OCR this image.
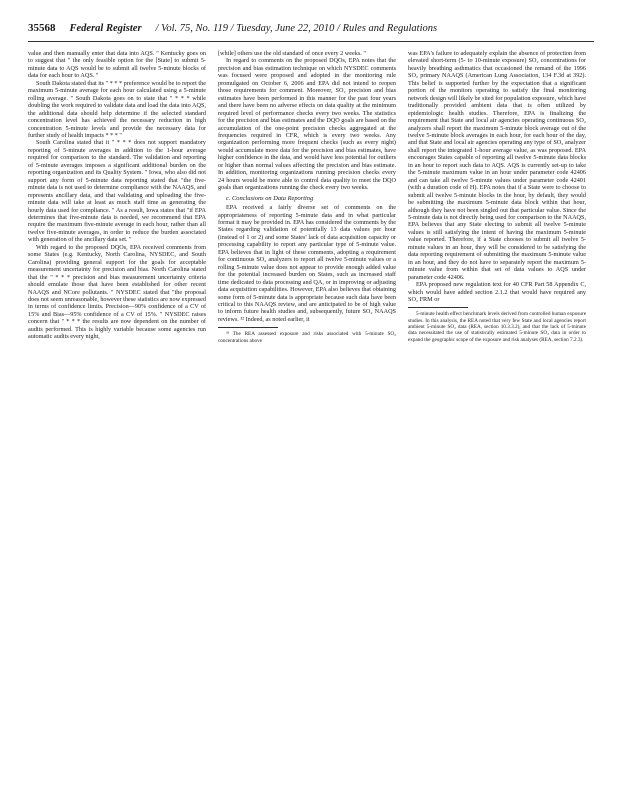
35568 Federal Register / Vol. 75, No. 119 / Tuesday, June 22, 2010 / Rules and Regulations

value and then manually enter that data into AQS. " Kentucky goes on to suggest that " the only feasible option for the [State] to submit 5-minute data to AQS would be to submit all twelve 5-minute blocks of data for each hour to AQS. "

South Dakota stated that its " * * * preference would be to report the maximum 5-minute average for each hour calculated using a 5-minute rolling average. " South Dakota goes on to state that " * * * while doubling the work required to validate data and load the data into AQS, the additional data should help determine if the selected standard concentration level has achieved the necessary reduction in high concentration 5-minute levels and provide the necessary data for further study of health impacts * * * "

South Carolina stated that it " * * * does not support mandatory reporting of 5-minute averages in addition to the 1-hour average required for comparison to the standard. The validation and reporting of 5-minute averages imposes a significant additional burden on the reporting organization and its Quality System. " Iowa, who also did not support any form of 5-minute data reporting stated that "the five-minute data is not used to determine compliance with the NAAQS, and represents ancillary data, and that validating and uploading the five-minute data will take at least as much staff time as generating the hourly data used for compliance. " As a result, Iowa states that "if EPA determines that five-minute data is needed, we recommend that EPA require the maximum five-minute average in each hour, rather than all twelve five-minute averages, in order to reduce the burden associated with generation of the ancillary data set. "

With regard to the proposed DQOs, EPA received comments from some States (e.g. Kentucky, North Carolina, NYSDEC, and South Carolina) providing general support for the goals for acceptable measurement uncertainty for precision and bias. North Carolina stated that the " * * * precision and bias measurement uncertainty criteria should emulate those that have been established for other recent NAAQS and NCore pollutants. " NYSDEC stated that "the proposal does not seem unreasonable, however these statistics are now expressed in terms of confidence limits. Precision—90% confidence of a CV of 15% and Bias—95% confidence of a CV of 15%. " NYSDEC raises concern that " * * * the results are now dependent on the number of audits performed. This is highly variable because some agencies run automatic audits every night,

[while] others use the old standard of once every 2 weeks. "

In regard to comments on the proposed DQOs, EPA notes that the precision and bias estimation technique on which NYSDEC comments was focused were proposed and adopted in the monitoring rule promulgated on October 6, 2006 and EPA did not intend to reopen those requirements for comment. Moreover, SO₂ precision and bias estimates have been performed in this manner for the past four years and there have been no adverse effects on data quality at the minimum required level of performance checks every two weeks. The statistics for the precision and bias estimates and the DQO goals are based on the accumulation of the one-point precision checks aggregated at the frequencies required in CFR, which is every two weeks. Any organization performing more frequent checks (such as every night) would accumulate more data for the precision and bias estimates, have higher confidence in the data, and would have less potential for outliers or higher than normal values affecting the precision and bias estimate. In addition, monitoring organizations running precision checks every 24 hours would be more able to control data quality to meet the DQO goals than organizations running the check every two weeks.

c. Conclusions on Data Reporting

EPA received a fairly diverse set of comments on the appropriateness of reporting 5-minute data and in what particular format it may be provided in. EPA has considered the comments by the States regarding validation of potentially 13 data values per hour (instead of 1 or 2) and some States' lack of data acquisition capacity or processing capability to report any particular type of 5-minute value. EPA believes that in light of these comments, adopting a requirement for continuous SO₂ analyzers to report all twelve 5-minute values or a rolling 5-minute value does not appear to provide enough added value for the potential increased burden on States, such as increased staff time dedicated to data processing and QA, or in improving or adjusting data acquisition capabilities. However, EPA also believes that obtaining some form of 5-minute data is appropriate because such data have been critical to this NAAQS review, and are anticipated to be of high value to inform future health studies and, subsequently, future SO₂ NAAQS reviews. ³² Indeed, as noted earlier, it

³² The REA assessed exposure and risks associated with 5-minute SO₂ concentrations above

was EPA's failure to adequately explain the absence of protection from elevated short-term (5- to 10-minute exposure) SO₂ concentrations for heavily breathing asthmatics that occasioned the remand of the 1996 SO₂ primary NAAQS (American Lung Association, 134 F.3d at 392). This belief is supported further by the expectation that a significant portion of the monitors operating to satisfy the final monitoring network design will likely be sited for population exposure, which have traditionally provided ambient data that is often utilized by epidemiologic health studies. Therefore, EPA is finalizing the requirement that State and local air agencies operating continuous SO₂ analyzers shall report the maximum 5-minute block average out of the twelve 5-minute block averages in each hour, for each hour of the day, and that State and local air agencies operating any type of SO₂ analyzer shall report the integrated 1-hour average value, as was proposed. EPA encourages States capable of reporting all twelve 5-minute data blocks in an hour to report such data to AQS. AQS is currently set-up to take the 5-minute maximum value in an hour under parameter code 42406 and can take all twelve 5-minute values under parameter code 42401 (with a duration code of H). EPA notes that if a State were to choose to submit all twelve 5-minute blocks in the hour, by default, they would be submitting the maximum 5-minute data block within that hour, although they have not been singled out that particular value. Since the 5-minute data is not directly being used for comparison to the NAAQS, EPA believes that any State electing to submit all twelve 5-minute values is still satisfying the intent of having the maximum 5-minute value reported. Therefore, if a State chooses to submit all twelve 5-minute values in an hour, they will be considered to be satisfying the data reporting requirement of submitting the maximum 5-minute value in an hour, and they do not have to separately report the maximum 5-minute value from within that set of data values to AQS under parameter code 42406.

EPA proposed new regulation text for 40 CFR Part 58 Appendix C, which would have added section 2.1.2 that would have required any SO₂ FRM or

5-minute health effect benchmark levels derived from controlled human exposure studies. In this analysis, the REA noted that very few State and local agencies report ambient 5-minute SO₂ data (REA, section 10.3.3.2), and that the lack of 5-minute data necessitated the use of statistically estimated 5-minute SO₂ data in order to expand the geographic scope of the exposure and risk analyses (REA, section 7.2.3).
